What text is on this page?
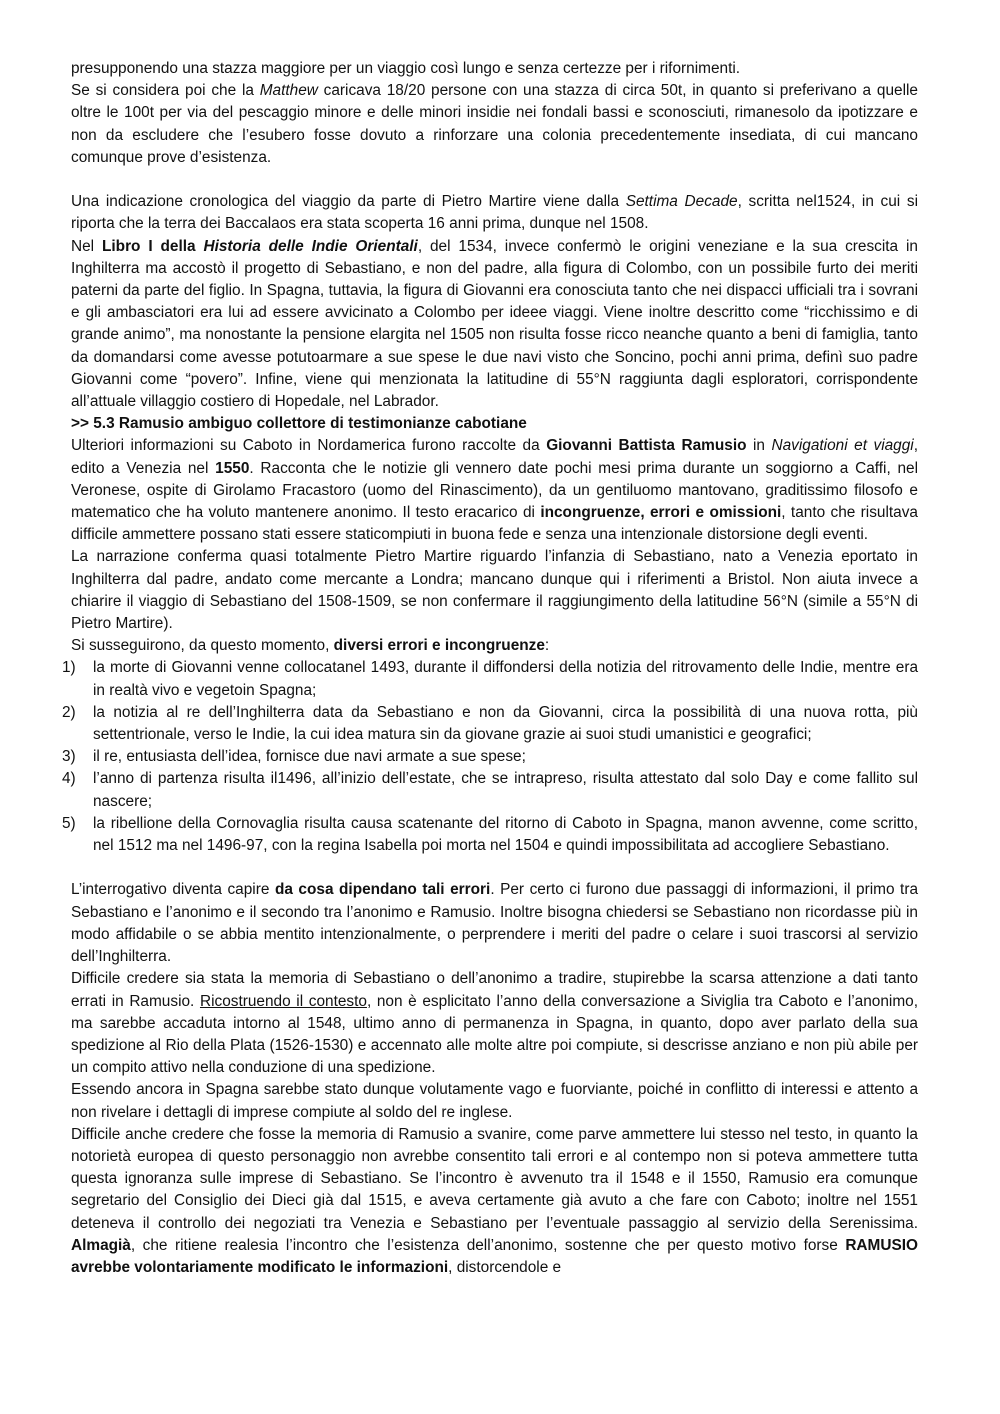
presupponendo una stazza maggiore per un viaggio così lungo e senza certezze per i rifornimenti.

Se si considera poi che la Matthew caricava 18/20 persone con una stazza di circa 50t, in quanto si preferivano a quelle oltre le 100t per via del pescaggio minore e delle minori insidie nei fondali bassi e sconosciuti, rimanesolo da ipotizzare e non da escludere che l’esubero fosse dovuto a rinforzare una colonia precedentemente insediata, di cui mancano comunque prove d’esistenza.

Una indicazione cronologica del viaggio da parte di Pietro Martire viene dalla Settima Decade, scritta nel1524, in cui si riporta che la terra dei Baccalaos era stata scoperta 16 anni prima, dunque nel 1508.

Nel Libro I della Historia delle Indie Orientali, del 1534, invece confermò le origini veneziane e la sua crescita in Inghilterra ma accostò il progetto di Sebastiano, e non del padre, alla figura di Colombo, con un possibile furto dei meriti paterni da parte del figlio. In Spagna, tuttavia, la figura di Giovanni era conosciuta tanto che nei dispacci ufficiali tra i sovrani e gli ambasciatori era lui ad essere avvicinato a Colombo per ideee viaggi. Viene inoltre descritto come “ricchissimo e di grande animo”, ma nonostante la pensione elargita nel 1505 non risulta fosse ricco neanche quanto a beni di famiglia, tanto da domandarsi come avesse potutoarmare a sue spese le due navi visto che Soncino, pochi anni prima, definì suo padre Giovanni come “povero”. Infine, viene qui menzionata la latitudine di 55°N raggiunta dagli esploratori, corrispondente all’attuale villaggio costiero di Hopedale, nel Labrador.

>> 5.3 Ramusio ambiguo collettore di testimonianze cabotiane

Ulteriori informazioni su Caboto in Nordamerica furono raccolte da Giovanni Battista Ramusio in Navigationi et viaggi, edito a Venezia nel 1550. Racconta che le notizie gli vennero date pochi mesi prima durante un soggiorno a Caffi, nel Veronese, ospite di Girolamo Fracastoro (uomo del Rinascimento), da un gentiluomo mantovano, graditissimo filosofo e matematico che ha voluto mantenere anonimo. Il testo eracarico di incongruenze, errori e omissioni, tanto che risultava difficile ammettere possano stati essere staticompiuti in buona fede e senza una intenzionale distorsione degli eventi.

La narrazione conferma quasi totalmente Pietro Martire riguardo l’infanzia di Sebastiano, nato a Venezia eportato in Inghilterra dal padre, andato come mercante a Londra; mancano dunque qui i riferimenti a Bristol. Non aiuta invece a chiarire il viaggio di Sebastiano del 1508-1509, se non confermare il raggiungimento della latitudine 56°N (simile a 55°N di Pietro Martire).

Si susseguirono, da questo momento, diversi errori e incongruenze:

1) la morte di Giovanni venne collocatanel 1493, durante il diffondersi della notizia del ritrovamento delle Indie, mentre era in realtà vivo e vegetoin Spagna;
2) la notizia al re dell’Inghilterra data da Sebastiano e non da Giovanni, circa la possibilità di una nuova rotta, più settentrionale, verso le Indie, la cui idea matura sin da giovane grazie ai suoi studi umanistici e geografici;
3) il re, entusiasta dell’idea, fornisce due navi armate a sue spese;
4) l’anno di partenza risulta il1496, all’inizio dell’estate, che se intrapreso, risulta attestato dal solo Day e come fallito sul nascere;
5) la ribellione della Cornovaglia risulta causa scatenante del ritorno di Caboto in Spagna, manon avvenne, come scritto, nel 1512 ma nel 1496-97, con la regina Isabella poi morta nel 1504 e quindi impossibilitata ad accogliere Sebastiano.

L’interrogativo diventa capire da cosa dipendano tali errori. Per certo ci furono due passaggi di informazioni, il primo tra Sebastiano e l’anonimo e il secondo tra l’anonimo e Ramusio. Inoltre bisogna chiedersi se Sebastiano non ricordasse più in modo affidabile o se abbia mentito intenzionalmente, o perprendere i meriti del padre o celare i suoi trascorsi al servizio dell’Inghilterra.

Difficile credere sia stata la memoria di Sebastiano o dell’anonimo a tradire, stupirebbe la scarsa attenzione a dati tanto errati in Ramusio. Ricostruendo il contesto, non è esplicitato l’anno della conversazione a Siviglia tra Caboto e l’anonimo, ma sarebbe accaduta intorno al 1548, ultimo anno di permanenza in Spagna, in quanto, dopo aver parlato della sua spedizione al Rio della Plata (1526-1530) e accennato alle molte altre poi compiute, si descrisse anziano e non più abile per un compito attivo nella conduzione di una spedizione.

Essendo ancora in Spagna sarebbe stato dunque volutamente vago e fuorviante, poiché in conflitto di interessi e attento a non rivelare i dettagli di imprese compiute al soldo del re inglese.

Difficile anche credere che fosse la memoria di Ramusio a svanire, come parve ammettere lui stesso nel testo, in quanto la notorietà europea di questo personaggio non avrebbe consentito tali errori e al contempo non si poteva ammettere tutta questa ignoranza sulle imprese di Sebastiano. Se l’incontro è avvenuto tra il 1548 e il 1550, Ramusio era comunque segretario del Consiglio dei Dieci già dal 1515, e aveva certamente già avuto a che fare con Caboto; inoltre nel 1551 deteneva il controllo dei negoziati tra Venezia e Sebastiano per l’eventuale passaggio al servizio della Serenissima. Almagià, che ritiene realesia l’incontro che l’esistenza dell’anonimo, sostenne che per questo motivo forse RAMUSIO avrebbe volontariamente modificato le informazioni, distorcendole e
